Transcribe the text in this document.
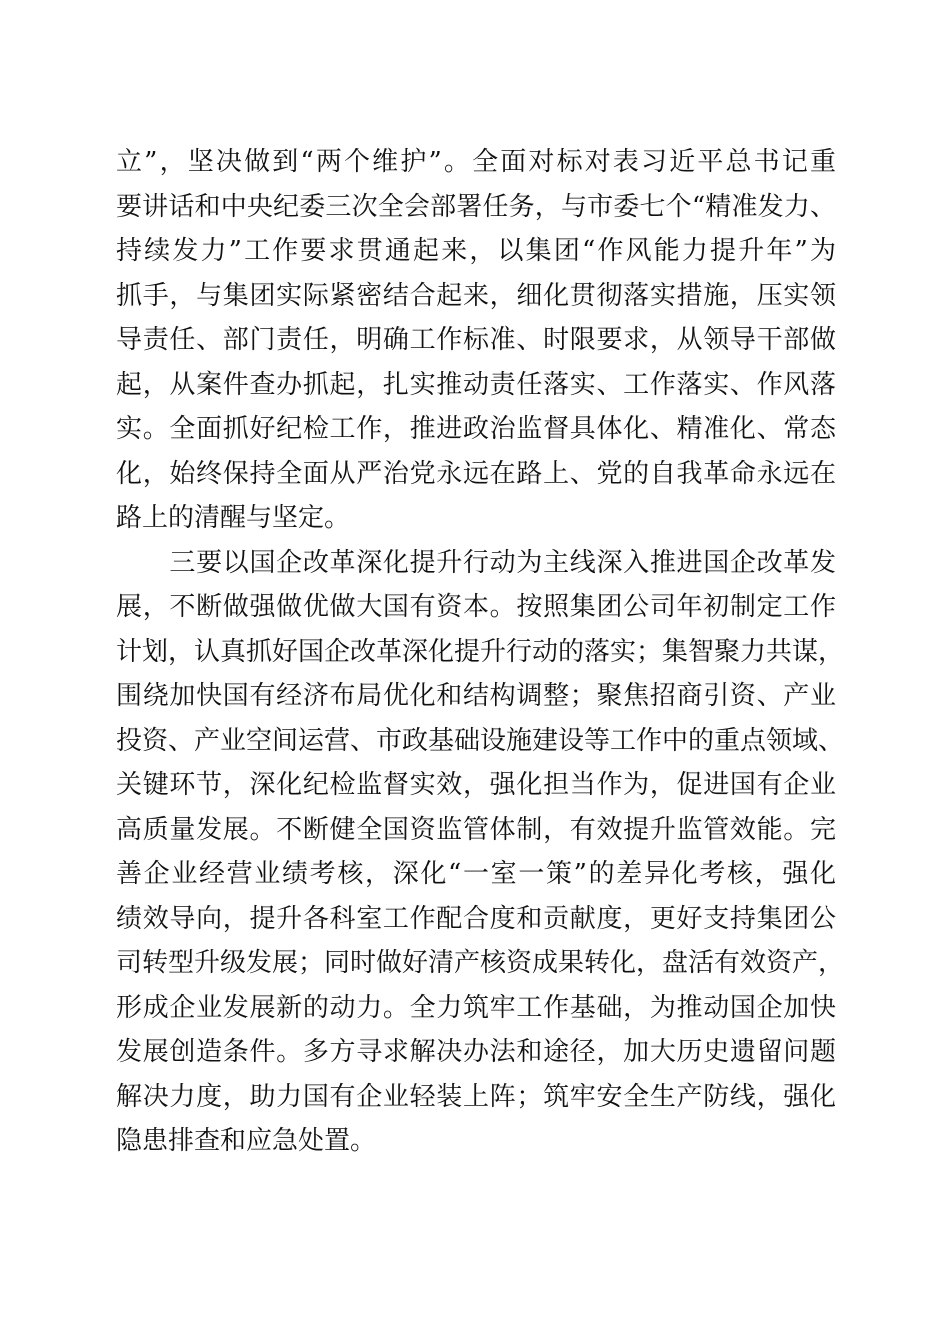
立”，坚决做到“两个维护”。全面对标对表习近平总书记重
要讲话和中央纪委三次全会部署任务，与市委七个“精准发力、
持续发力”工作要求贯通起来，以集团“作风能力提升年”为
抓手，与集团实际紧密结合起来，细化贯彻落实措施，压实领
导责任、部门责任，明确工作标准、时限要求，从领导干部做
起，从案件查办抓起，扎实推动责任落实、工作落实、作风落
实。全面抓好纪检工作，推进政治监督具体化、精准化、常态
化，始终保持全面从严治党永远在路上、党的自我革命永远在
路上的清醒与坚定。
　　三要以国企改革深化提升行动为主线深入推进国企改革发
展，不断做强做优做大国有资本。按照集团公司年初制定工作
计划，认真抓好国企改革深化提升行动的落实；集智聚力共谋，
围绕加快国有经济布局优化和结构调整；聚焦招商引资、产业
投资、产业空间运营、市政基础设施建设等工作中的重点领域、
关键环节，深化纪检监督实效，强化担当作为，促进国有企业
高质量发展。不断健全国资监管体制，有效提升监管效能。完
善企业经营业绩考核，深化“一室一策”的差异化考核，强化
绩效导向，提升各科室工作配合度和贡献度，更好支持集团公
司转型升级发展；同时做好清产核资成果转化，盘活有效资产，
形成企业发展新的动力。全力筑牢工作基础，为推动国企加快
发展创造条件。多方寻求解决办法和途径，加大历史遗留问题
解决力度，助力国有企业轻装上阵；筑牢安全生产防线，强化
隐患排查和应急处置。
